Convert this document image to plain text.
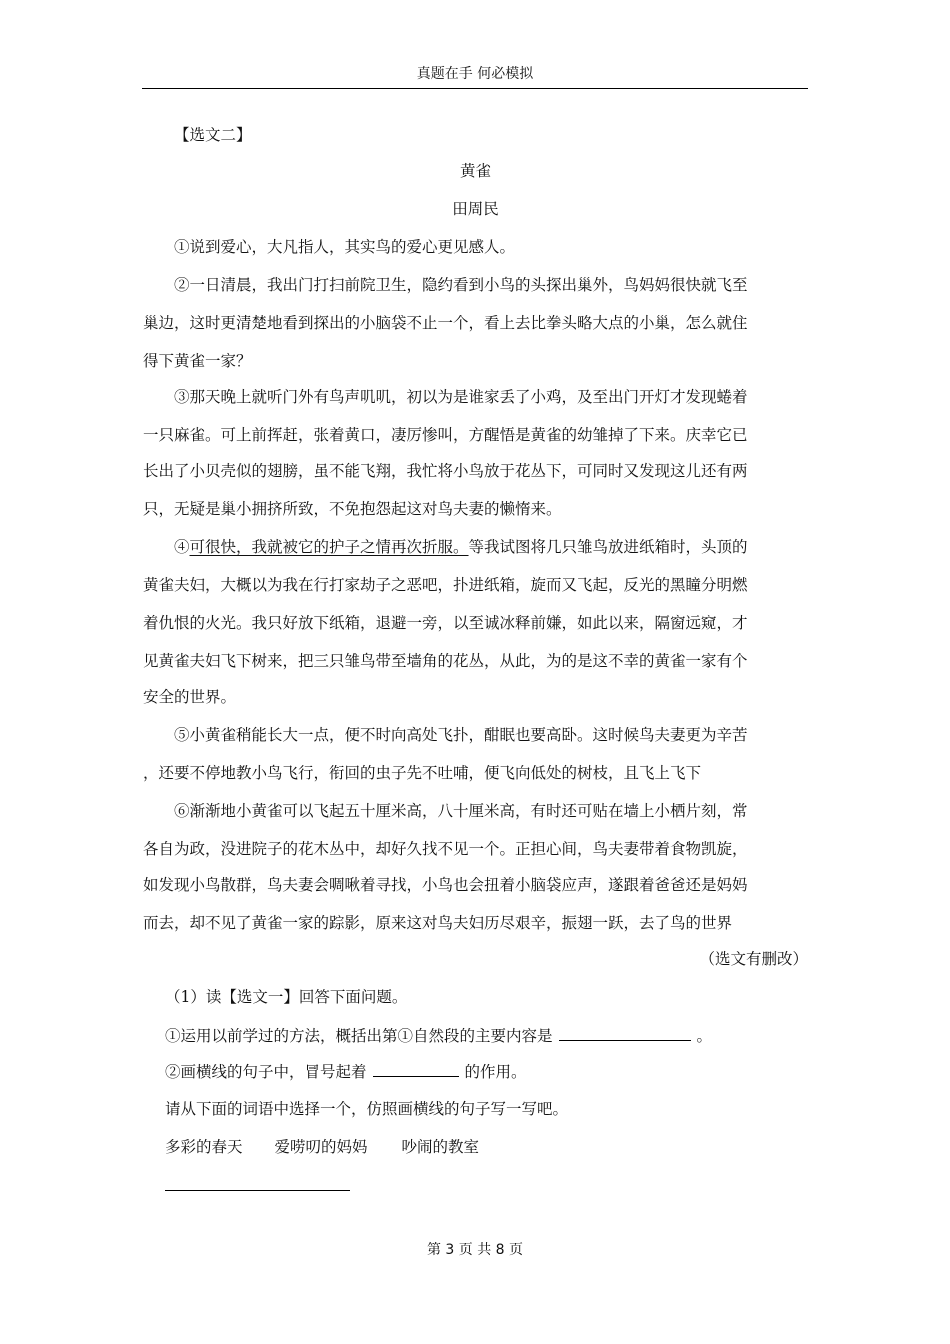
真题在手 何必模拟
【选文二】
黄雀
田周民
①说到爱心，大凡指人，其实鸟的爱心更见感人。
②一日清晨，我出门打扫前院卫生，隐约看到小鸟的头探出巢外，鸟妈妈很快就飞至
巢边，这时更清楚地看到探出的小脑袋不止一个，看上去比拳头略大点的小巢，怎么就住
得下黄雀一家？
③那天晚上就听门外有鸟声叽叽，初以为是谁家丢了小鸡，及至出门开灯才发现蜷着
一只麻雀。可上前挥赶，张着黄口，凄厉惨叫，方醒悟是黄雀的幼雏掉了下来。庆幸它已
长出了小贝壳似的翅膀，虽不能飞翔，我忙将小鸟放于花丛下，可同时又发现这儿还有两
只，无疑是巢小拥挤所致，不免抱怨起这对鸟夫妻的懒惰来。
④可很快，我就被它的护子之情再次折服。等我试图将几只雏鸟放进纸箱时，头顶的
黄雀夫妇，大概以为我在行打家劫子之恶吧，扑进纸箱，旋而又飞起，反光的黑瞳分明燃
着仇恨的火光。我只好放下纸箱，退避一旁，以至诚冰释前嫌，如此以来，隔窗远窥，才
见黄雀夫妇飞下树来，把三只雏鸟带至墙角的花丛，从此，为的是这不幸的黄雀一家有个
安全的世界。
⑤小黄雀稍能长大一点，便不时向高处飞扑，酣眠也要高卧。这时候鸟夫妻更为辛苦
，还要不停地教小鸟飞行，衔回的虫子先不吐哺，便飞向低处的树枝，且飞上飞下
⑥渐渐地小黄雀可以飞起五十厘米高，八十厘米高，有时还可贴在墙上小栖片刻，常
各自为政，没进院子的花木丛中，却好久找不见一个。正担心间，鸟夫妻带着食物凯旋，
如发现小鸟散群，鸟夫妻会啁啾着寻找，小鸟也会扭着小脑袋应声，遂跟着爸爸还是妈妈
而去，却不见了黄雀一家的踪影，原来这对鸟夫妇历尽艰辛，振翅一跃，去了鸟的世界
（选文有删改）
（1）读【选文一】回答下面问题。
①运用以前学过的方法，概括出第①自然段的主要内容是	。
②画横线的句子中，冒号起着	的作用。
请从下面的词语中选择一个，仿照画横线的句子写一写吧。
多彩的春天 爱唠叨的妈妈 吵闹的教室
第 3 页 共 8 页
